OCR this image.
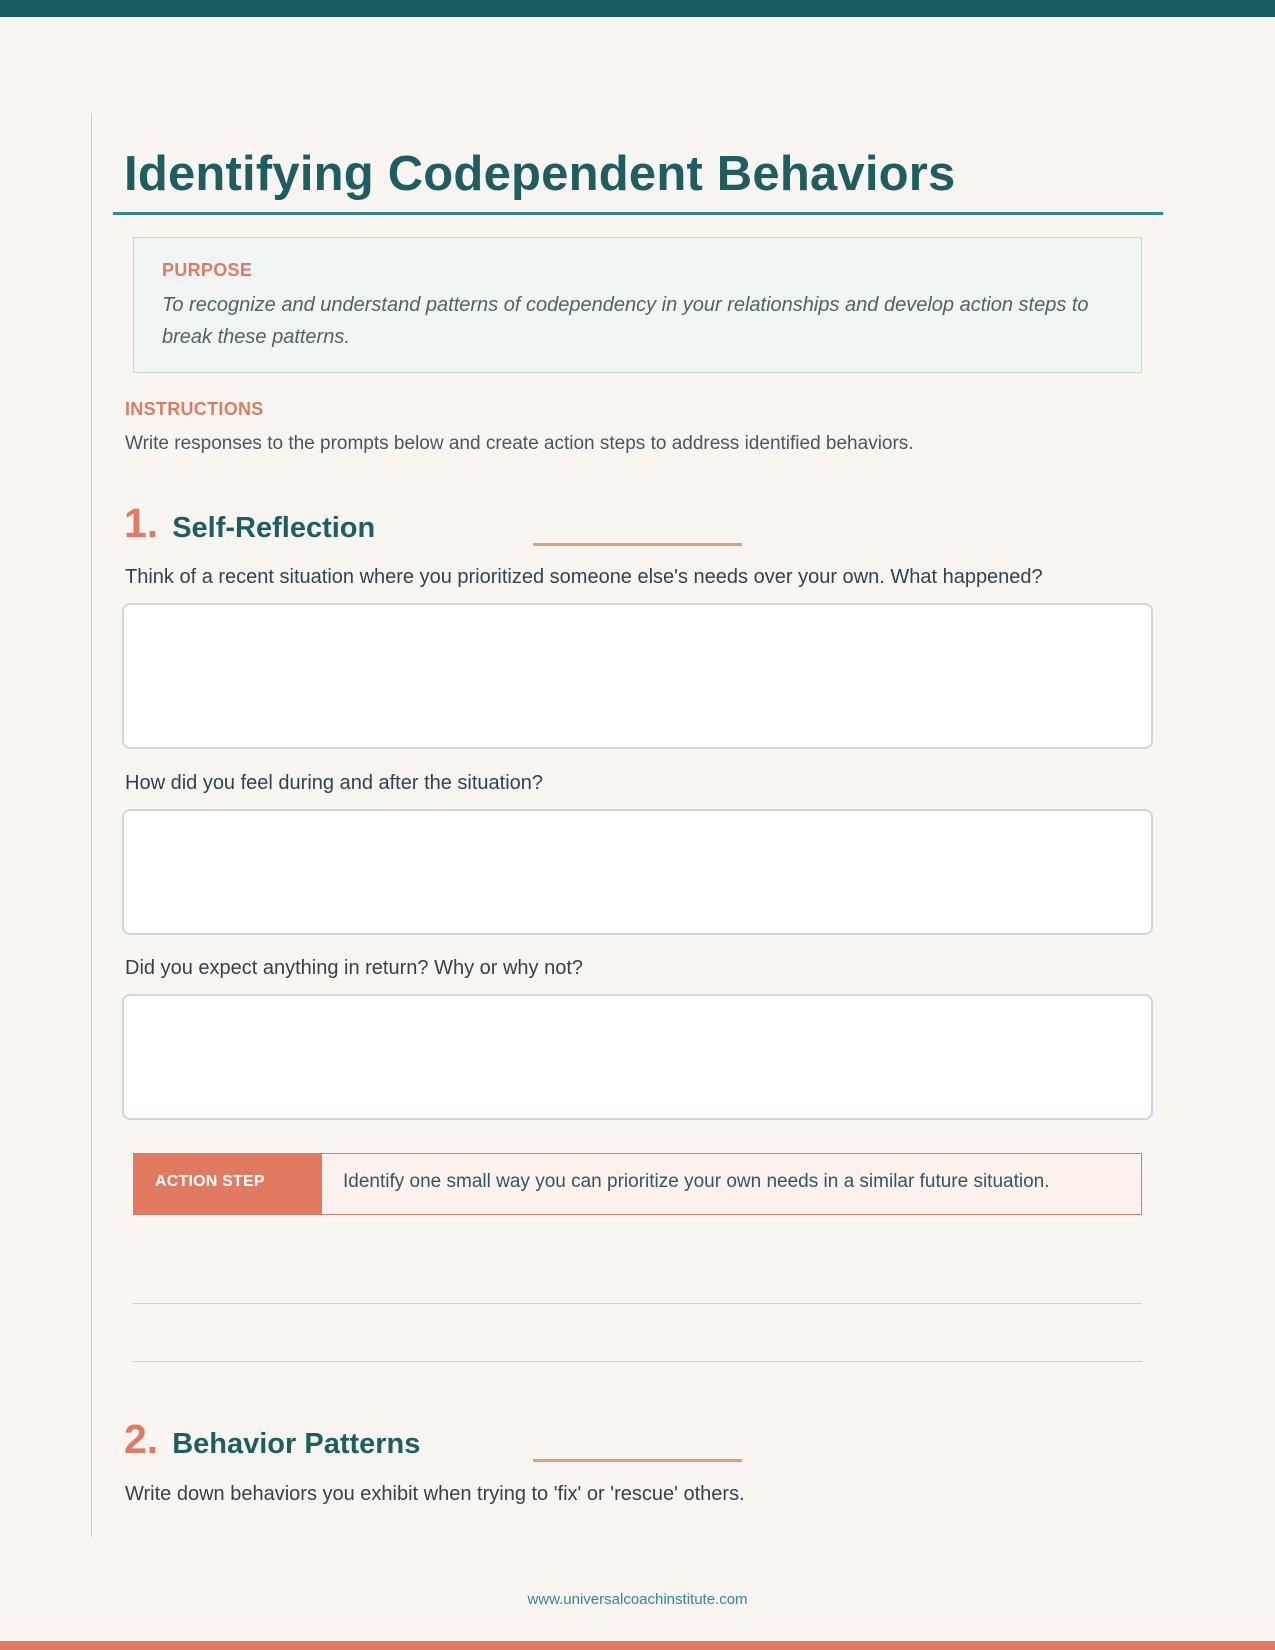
Identifying Codependent Behaviors
PURPOSE
To recognize and understand patterns of codependency in your relationships and develop action steps to break these patterns.
INSTRUCTIONS
Write responses to the prompts below and create action steps to address identified behaviors.
1. Self-Reflection
Think of a recent situation where you prioritized someone else's needs over your own. What happened?
How did you feel during and after the situation?
Did you expect anything in return? Why or why not?
ACTION STEP	Identify one small way you can prioritize your own needs in a similar future situation.
2. Behavior Patterns
Write down behaviors you exhibit when trying to 'fix' or 'rescue' others.
www.universalcoachinstitute.com
